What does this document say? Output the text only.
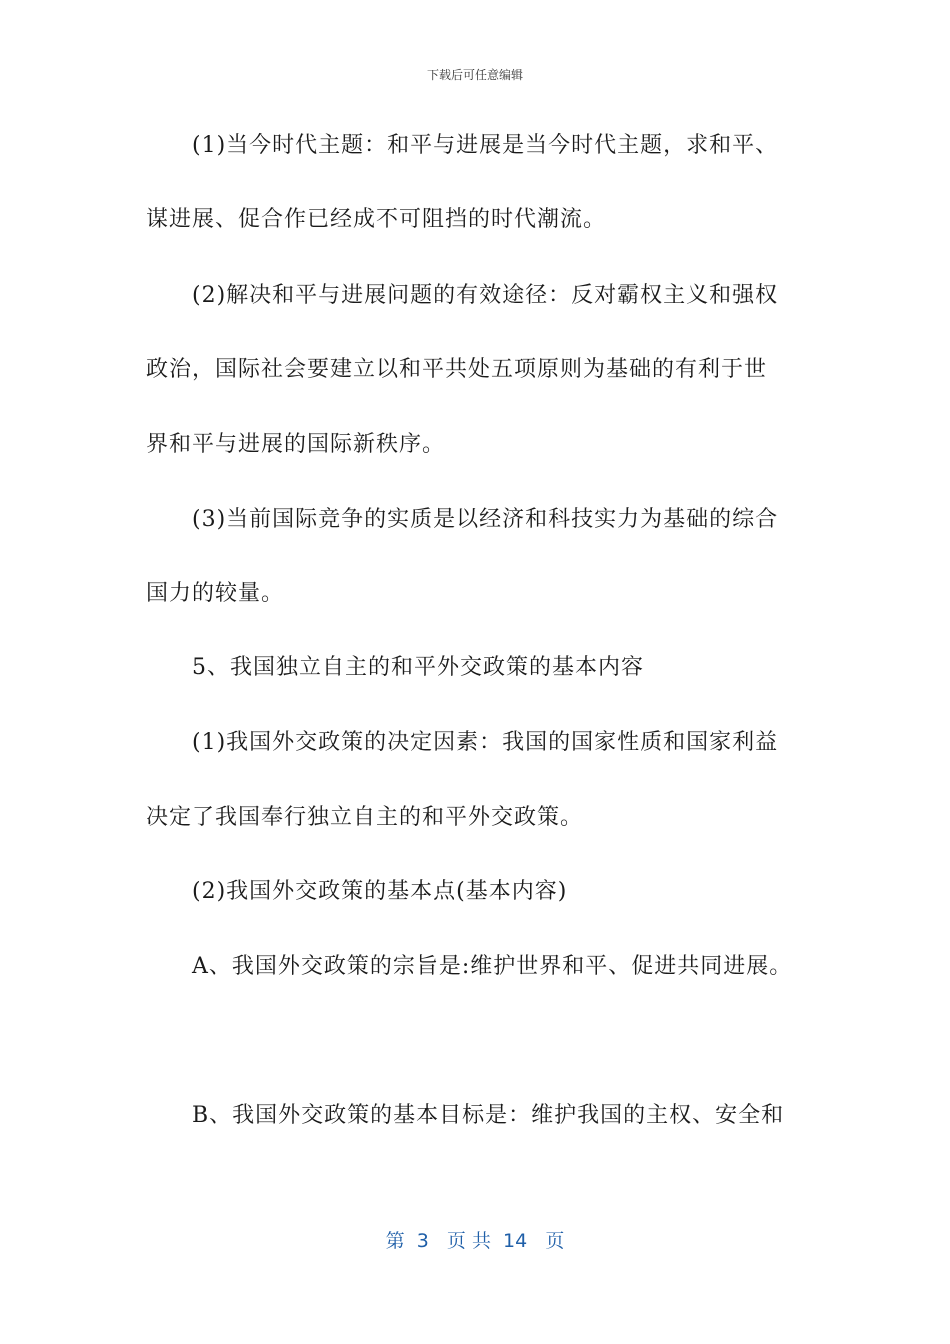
下载后可任意编辑
(1)当今时代主题：和平与进展是当今时代主题，求和平、
谋进展、促合作已经成不可阻挡的时代潮流。
(2)解决和平与进展问题的有效途径：反对霸权主义和强权
政治，国际社会要建立以和平共处五项原则为基础的有利于世
界和平与进展的国际新秩序。
(3)当前国际竞争的实质是以经济和科技实力为基础的综合
国力的较量。
5、我国独立自主的和平外交政策的基本内容
(1)我国外交政策的决定因素：我国的国家性质和国家利益
决定了我国奉行独立自主的和平外交政策。
(2)我国外交政策的基本点(基本内容)
A、我国外交政策的宗旨是:维护世界和平、促进共同进展。
B、我国外交政策的基本目标是：维护我国的主权、安全和
第  3   页 共  14   页
